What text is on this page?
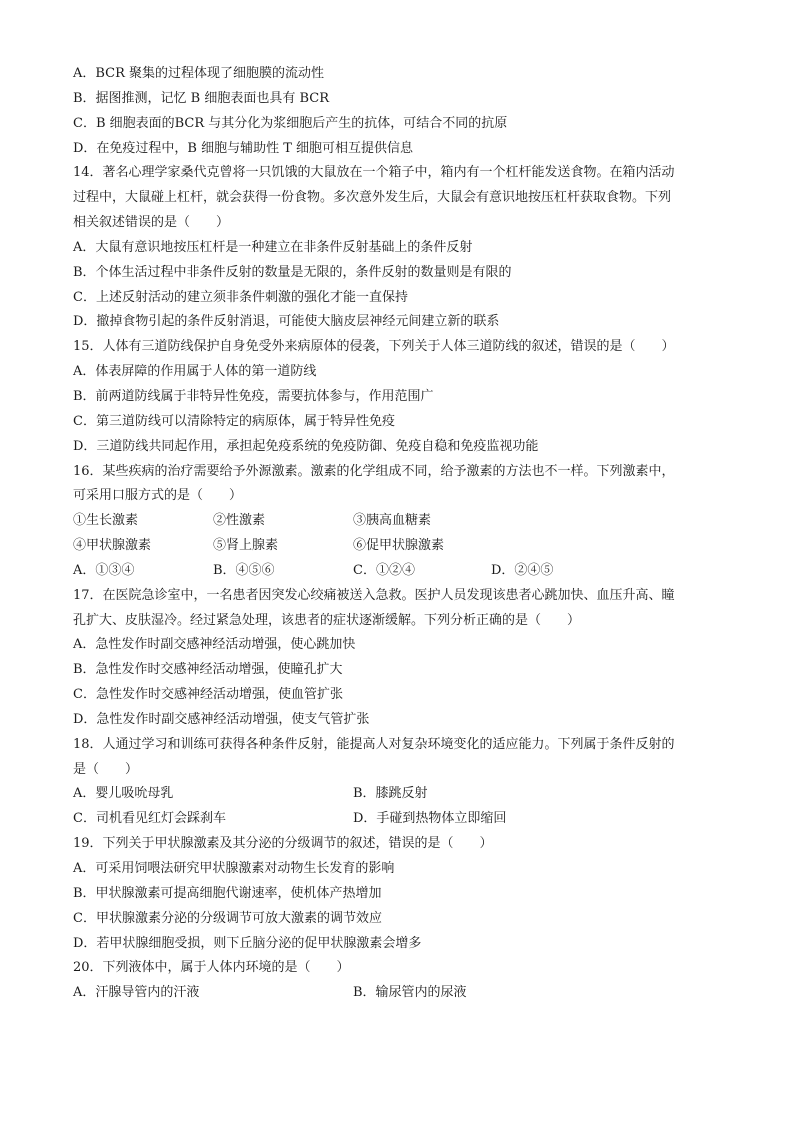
A．BCR 聚集的过程体现了细胞膜的流动性
B．据图推测，记忆 B 细胞表面也具有 BCR
C．B 细胞表面的BCR 与其分化为浆细胞后产生的抗体，可结合不同的抗原
D．在免疫过程中，B 细胞与辅助性 T 细胞可相互提供信息
14．著名心理学家桑代克曾将一只饥饿的大鼠放在一个箱子中，箱内有一个杠杆能发送食物。在箱内活动
过程中，大鼠碰上杠杆，就会获得一份食物。多次意外发生后，大鼠会有意识地按压杠杆获取食物。下列
相关叙述错误的是（　　）
A．大鼠有意识地按压杠杆是一种建立在非条件反射基础上的条件反射
B．个体生活过程中非条件反射的数量是无限的，条件反射的数量则是有限的
C．上述反射活动的建立须非条件刺激的强化才能一直保持
D．撤掉食物引起的条件反射消退，可能使大脑皮层神经元间建立新的联系
15．人体有三道防线保护自身免受外来病原体的侵袭，下列关于人体三道防线的叙述，错误的是（　　）
A．体表屏障的作用属于人体的第一道防线
B．前两道防线属于非特异性免疫，需要抗体参与，作用范围广
C．第三道防线可以清除特定的病原体，属于特异性免疫
D．三道防线共同起作用，承担起免疫系统的免疫防御、免疫自稳和免疫监视功能
16．某些疾病的治疗需要给予外源激素。激素的化学组成不同，给予激素的方法也不一样。下列激素中，
可采用口服方式的是（　　）
①生长激素	②性激素	③胰高血糖素
④甲状腺激素	⑤肾上腺素	⑥促甲状腺激素
A．①③④	B．④⑤⑥	C．①②④	D．②④⑤
17．在医院急诊室中，一名患者因突发心绞痛被送入急救。医护人员发现该患者心跳加快、血压升高、瞳
孔扩大、皮肤湿冷。经过紧急处理，该患者的症状逐渐缓解。下列分析正确的是（　　）
A．急性发作时副交感神经活动增强，使心跳加快
B．急性发作时交感神经活动增强，使瞳孔扩大
C．急性发作时交感神经活动增强，使血管扩张
D．急性发作时副交感神经活动增强，使支气管扩张
18．人通过学习和训练可获得各种条件反射，能提高人对复杂环境变化的适应能力。下列属于条件反射的
是（　　）
A．婴儿吸吮母乳	B．膝跳反射
C．司机看见红灯会踩刹车	D．手碰到热物体立即缩回
19．下列关于甲状腺激素及其分泌的分级调节的叙述，错误的是（　　）
A．可采用饲喂法研究甲状腺激素对动物生长发育的影响
B．甲状腺激素可提高细胞代谢速率，使机体产热增加
C．甲状腺激素分泌的分级调节可放大激素的调节效应
D．若甲状腺细胞受损，则下丘脑分泌的促甲状腺激素会增多
20．下列液体中，属于人体内环境的是（　　）
A．汗腺导管内的汗液	B．输尿管内的尿液
